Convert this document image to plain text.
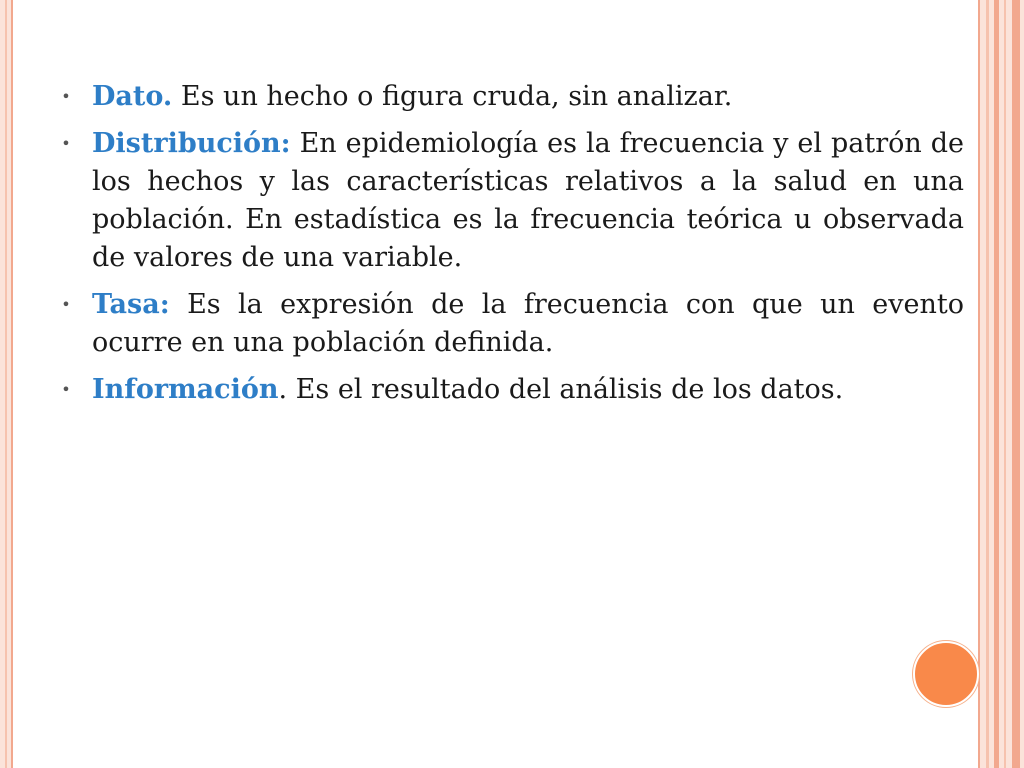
• Dato. Es un hecho o figura cruda, sin analizar.
• Distribución: En epidemiología es la frecuencia y el patrón de los hechos y las características relativos a la salud en una población. En estadística es la frecuencia teórica u observada de valores de una variable.
• Tasa: Es la expresión de la frecuencia con que un evento ocurre en una población definida.
• Información. Es el resultado del análisis de los datos.
